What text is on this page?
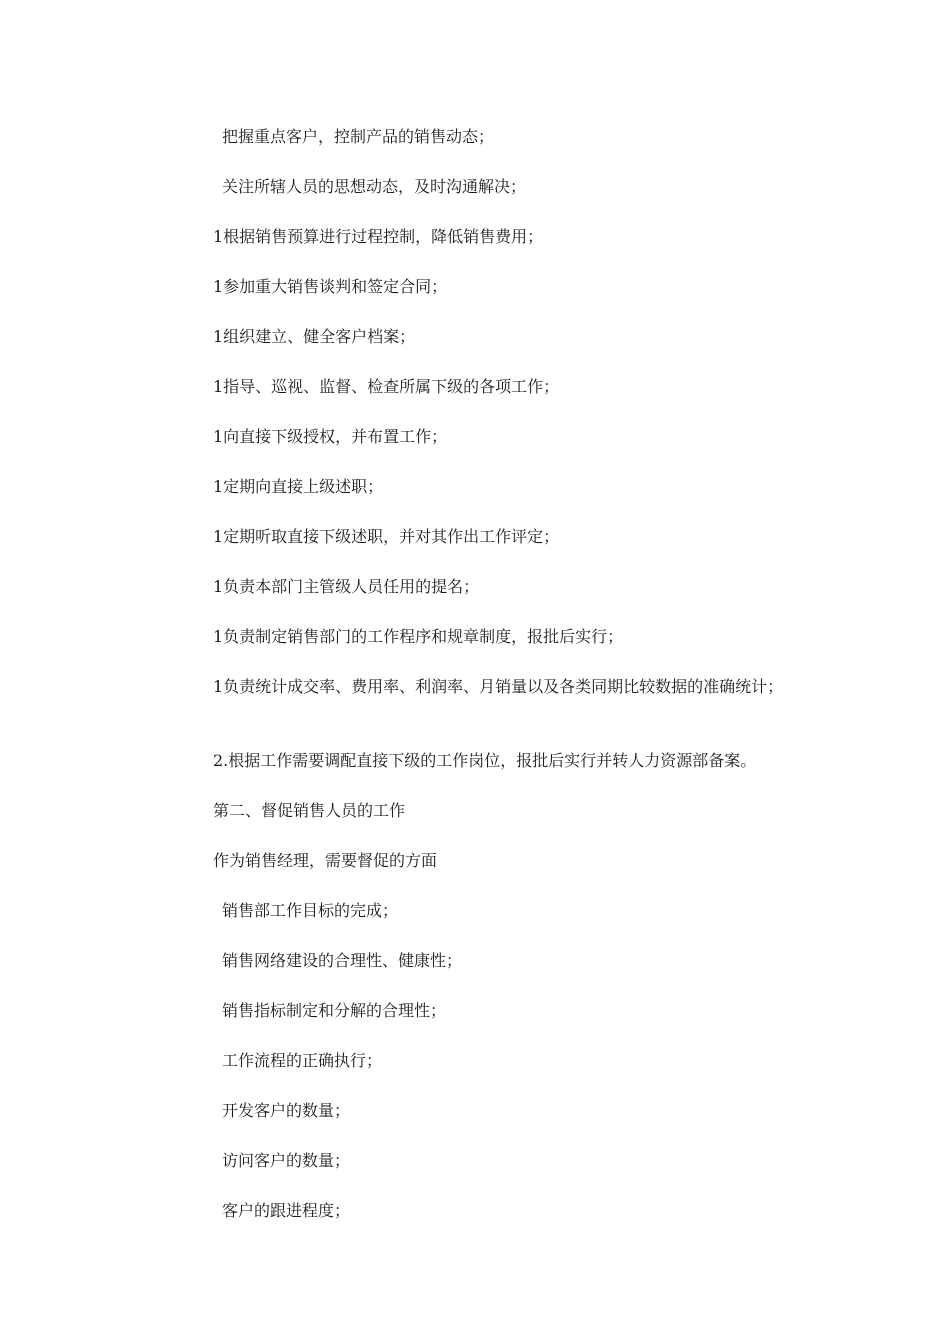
把握重点客户，控制产品的销售动态；

关注所辖人员的思想动态，及时沟通解决；

1根据销售预算进行过程控制，降低销售费用；

1参加重大销售谈判和签定合同；

1组织建立、健全客户档案；

1指导、巡视、监督、检查所属下级的各项工作；

1向直接下级授权，并布置工作；

1定期向直接上级述职；

1定期听取直接下级述职，并对其作出工作评定；

1负责本部门主管级人员任用的提名；

1负责制定销售部门的工作程序和规章制度，报批后实行；

1负责统计成交率、费用率、利润率、月销量以及各类同期比较数据的准确统计；

2.根据工作需要调配直接下级的工作岗位，报批后实行并转人力资源部备案。

第二、督促销售人员的工作

作为销售经理，需要督促的方面

销售部工作目标的完成；

销售网络建设的合理性、健康性；

销售指标制定和分解的合理性；

工作流程的正确执行；

开发客户的数量；

访问客户的数量；

客户的跟进程度；
